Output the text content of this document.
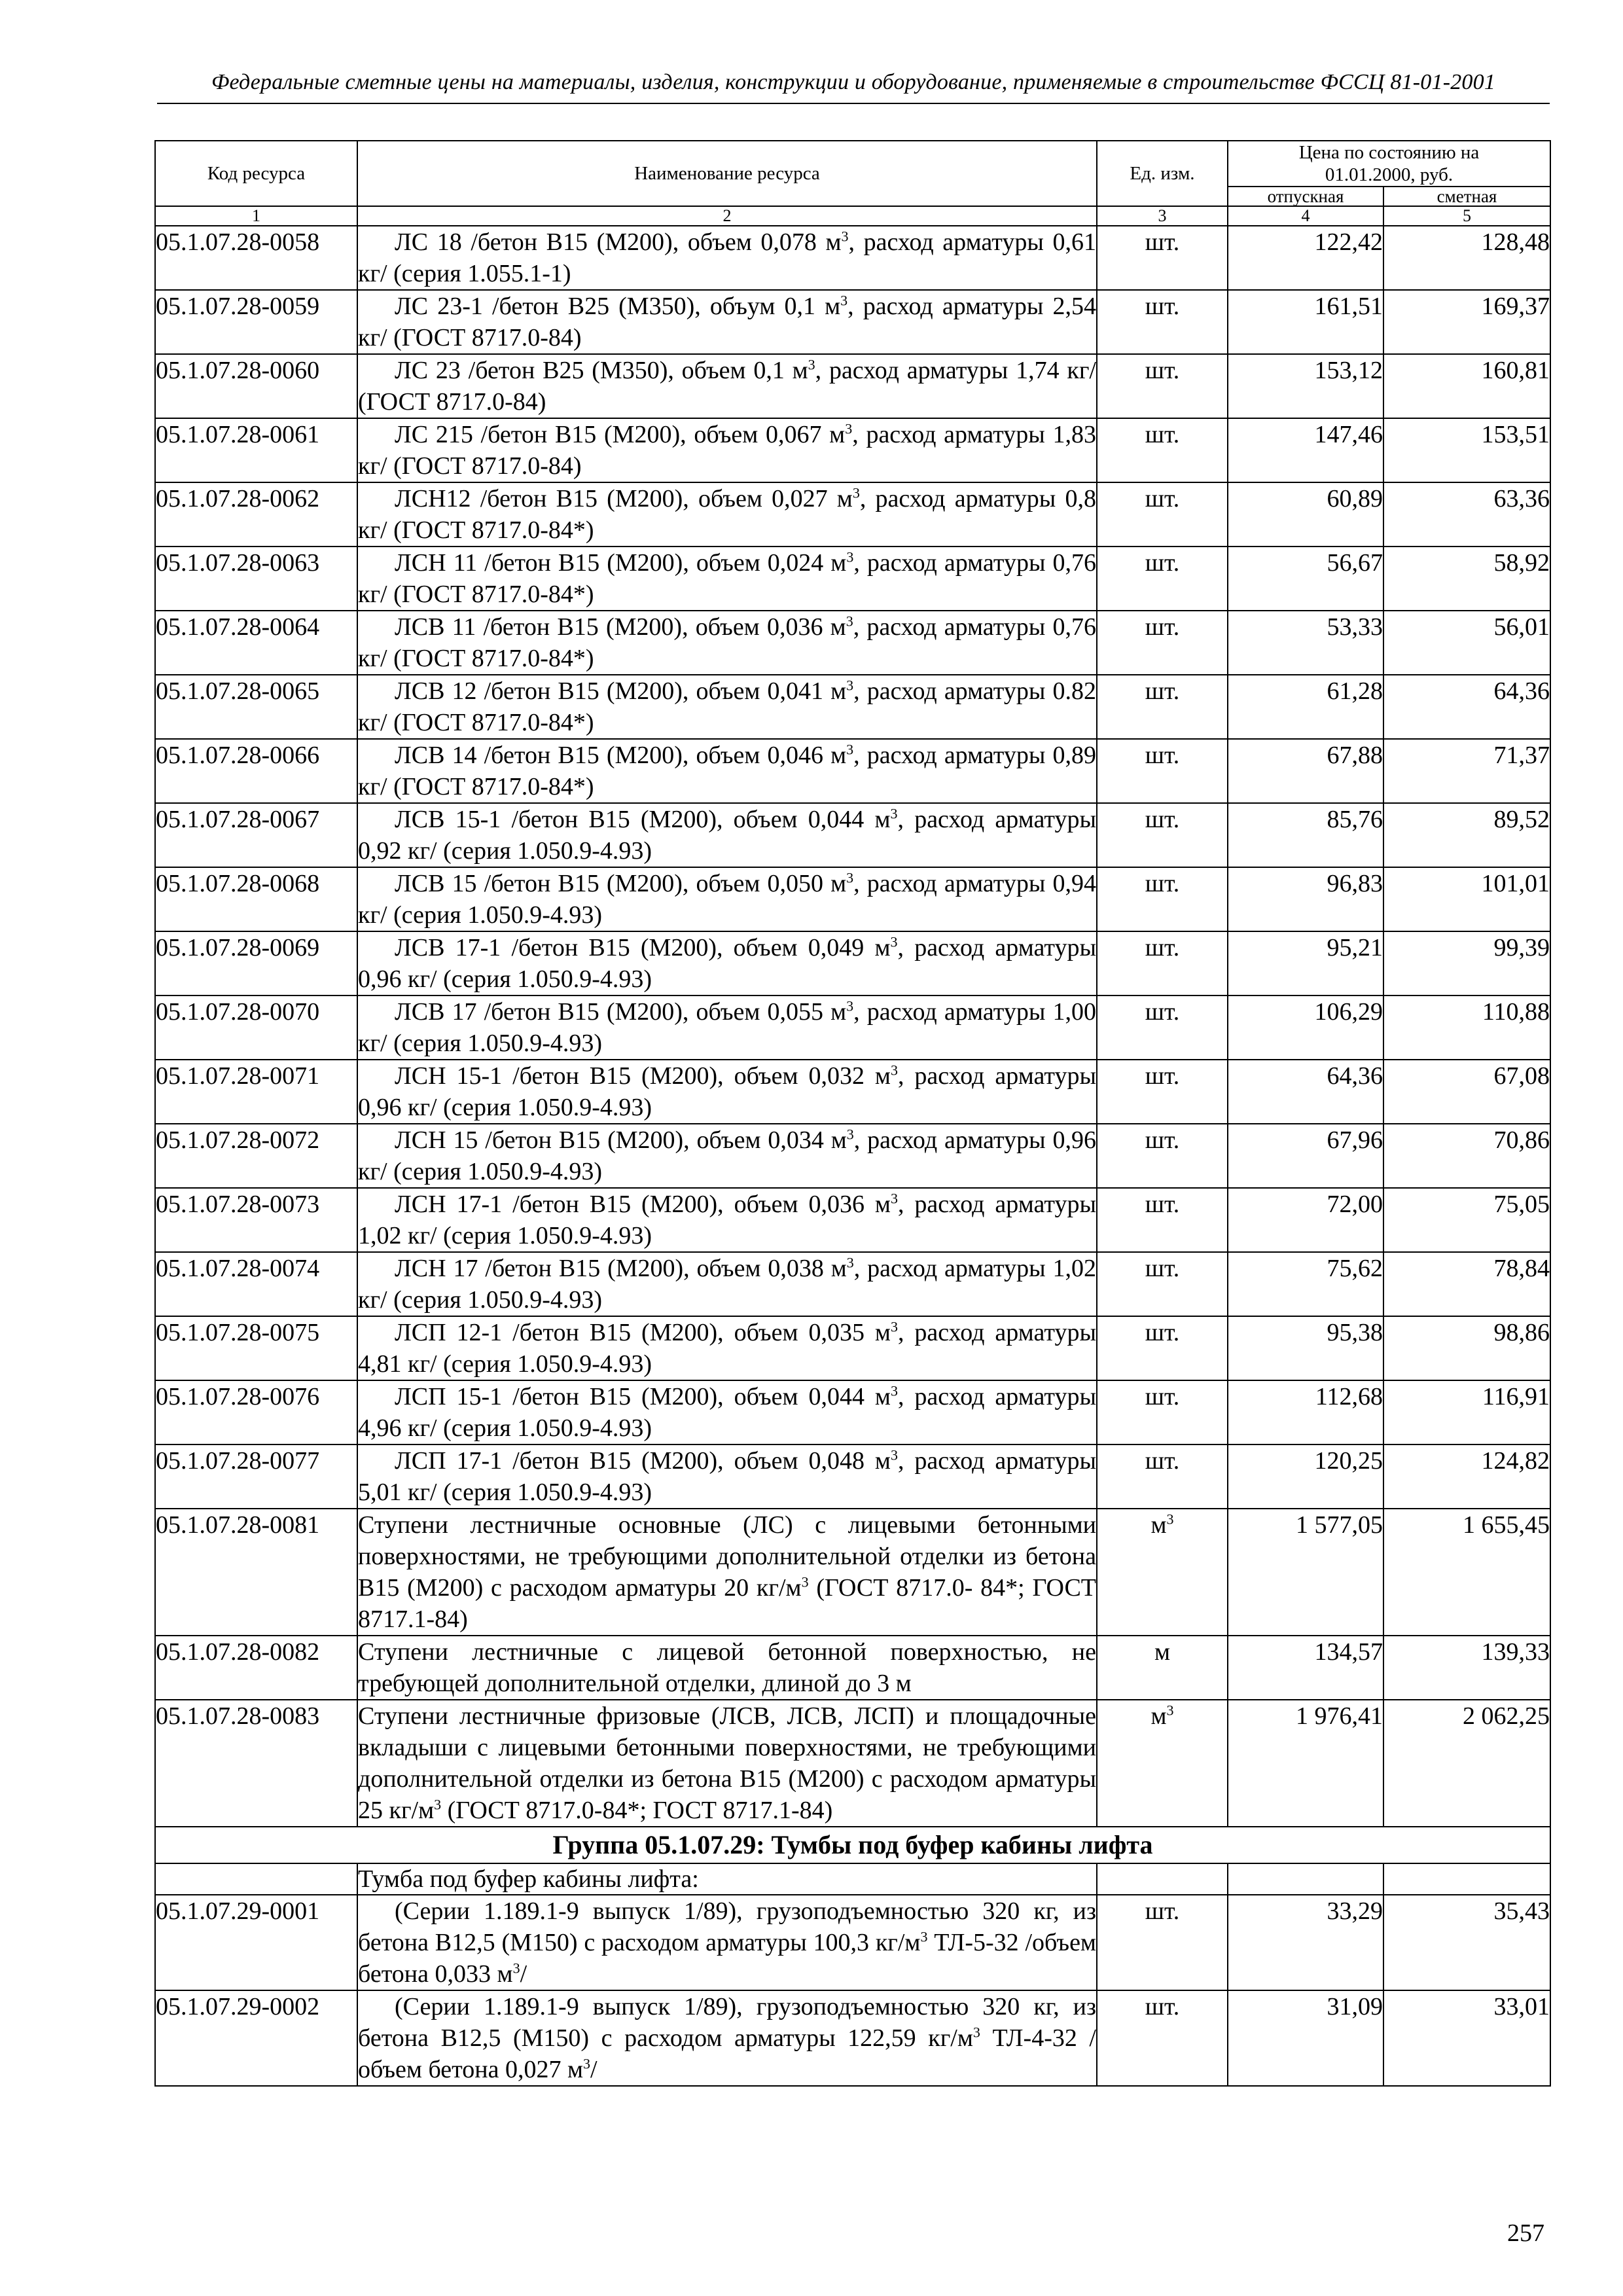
Федеральные сметные цены на материалы, изделия, конструкции и оборудование, применяемые в строительстве ФССЦ 81-01-2001
Код ресурса	Наименование ресурса	Ед. изм.	Цена по состоянию на 01.01.2000, руб.	
			отпускная	сметная
1	2	3	4	5
05.1.07.28-0058	ЛС 18 /бетон В15 (М200), объем 0,078 $м^3$, расход арматуры 0,61 кг/ (серия 1.055.1-1)	шт.	122,42	128,48
05.1.07.28-0059	ЛС 23-1 /бетон В25 (М350), объум 0,1 $м^3$, расход арматуры 2,54 кг/ (ГОСТ 8717.0-84)	шт.	161,51	169,37
05.1.07.28-0060	ЛС 23 /бетон В25 (М350), объем 0,1 $м^3$, расход арматуры 1,74 кг/ (ГОСТ 8717.0-84)	шт.	153,12	160,81
05.1.07.28-0061	ЛС 215 /бетон В15 (М200), объем 0,067 $м^3$, расход арматуры 1,83 кг/ (ГОСТ 8717.0-84)	шт.	147,46	153,51
05.1.07.28-0062	ЛСН12 /бетон В15 (М200), объем 0,027 $м^3$, расход арматуры 0,8 кг/ (ГОСТ 8717.0-84*)	шт.	60,89	63,36
05.1.07.28-0063	ЛСН 11 /бетон В15 (М200), объем 0,024 $м^3$, расход арматуры 0,76 кг/ (ГОСТ 8717.0-84*)	шт.	56,67	58,92
05.1.07.28-0064	ЛСВ 11 /бетон В15 (М200), объем 0,036 $м^3$, расход арматуры 0,76 кг/ (ГОСТ 8717.0-84*)	шт.	53,33	56,01
05.1.07.28-0065	ЛСВ 12 /бетон В15 (М200), объем 0,041 $м^3$, расход арматуры 0.82 кг/ (ГОСТ 8717.0-84*)	шт.	61,28	64,36
05.1.07.28-0066	ЛСВ 14 /бетон В15 (М200), объем 0,046 $м^3$, расход арматуры 0,89 кг/ (ГОСТ 8717.0-84*)	шт.	67,88	71,37
05.1.07.28-0067	ЛСВ 15-1 /бетон В15 (М200), объем 0,044 $м^3$, расход арматуры 0,92 кг/ (серия 1.050.9-4.93)	шт.	85,76	89,52
05.1.07.28-0068	ЛСВ 15 /бетон В15 (М200), объем 0,050 $м^3$, расход арматуры 0,94 кг/ (серия 1.050.9-4.93)	шт.	96,83	101,01
05.1.07.28-0069	ЛСВ 17-1 /бетон В15 (М200), объем 0,049 $м^3$, расход арматуры 0,96 кг/ (серия 1.050.9-4.93)	шт.	95,21	99,39
05.1.07.28-0070	ЛСВ 17 /бетон В15 (М200), объем 0,055 $м^3$, расход арматуры 1,00 кг/ (серия 1.050.9-4.93)	шт.	106,29	110,88
05.1.07.28-0071	ЛСН 15-1 /бетон В15 (М200), объем 0,032 $м^3$, расход арматуры 0,96 кг/ (серия 1.050.9-4.93)	шт.	64,36	67,08
05.1.07.28-0072	ЛСН 15 /бетон В15 (М200), объем 0,034 $м^3$, расход арматуры 0,96 кг/ (серия 1.050.9-4.93)	шт.	67,96	70,86
05.1.07.28-0073	ЛСН 17-1 /бетон В15 (М200), объем 0,036 $м^3$, расход арматуры 1,02 кг/ (серия 1.050.9-4.93)	шт.	72,00	75,05
05.1.07.28-0074	ЛСН 17 /бетон В15 (М200), объем 0,038 $м^3$, расход арматуры 1,02 кг/ (серия 1.050.9-4.93)	шт.	75,62	78,84
05.1.07.28-0075	ЛСП 12-1 /бетон В15 (М200), объем 0,035 $м^3$, расход арматуры 4,81 кг/ (серия 1.050.9-4.93)	шт.	95,38	98,86
05.1.07.28-0076	ЛСП 15-1 /бетон В15 (М200), объем 0,044 $м^3$, расход арматуры 4,96 кг/ (серия 1.050.9-4.93)	шт.	112,68	116,91
05.1.07.28-0077	ЛСП 17-1 /бетон В15 (М200), объем 0,048 $м^3$, расход арматуры 5,01 кг/ (серия 1.050.9-4.93)	шт.	120,25	124,82
05.1.07.28-0081	Ступени лестничные основные (ЛС) с лицевыми бетонными поверхностями, не требующими дополнительной отделки из бетона В15 (М200) с расходом арматуры 20 $кг/м^3$ (ГОСТ 8717.0- 84*; ГОСТ 8717.1-84)	$м^3$	1 577,05	1 655,45
05.1.07.28-0082	Ступени лестничные с лицевой бетонной поверхностью, не требующей дополнительной отделки, длиной до 3 м	м	134,57	139,33
05.1.07.28-0083	Ступени лестничные фризовые (ЛСВ, ЛСВ, ЛСП) и площадочные вкладыши с лицевыми бетонными поверхностями, не требующими дополнительной отделки из бетона В15 (М200) с расходом арматуры 25 $кг/м^3$ (ГОСТ 8717.0-84*; ГОСТ 8717.1-84)	$м^3$	1 976,41	2 062,25
Группа 05.1.07.29: Тумбы под буфер кабины лифта				
	Тумба под буфер кабины лифта:			
05.1.07.29-0001	(Серии 1.189.1-9 выпуск 1/89), грузоподъемностью 320 кг, из бетона В12,5 (М150) с расходом арматуры 100,3 $кг/м^3$ ТЛ-5-32 /объем бетона 0,033 $м^3/$	шт.	33,29	35,43
05.1.07.29-0002	(Серии 1.189.1-9 выпуск 1/89), грузоподъемностью 320 кг, из бетона В12,5 (М150) с расходом арматуры 122,59 $кг/м^3$ ТЛ-4-32 /объем бетона 0,027 $м^3/$	шт.	31,09	33,01
257
